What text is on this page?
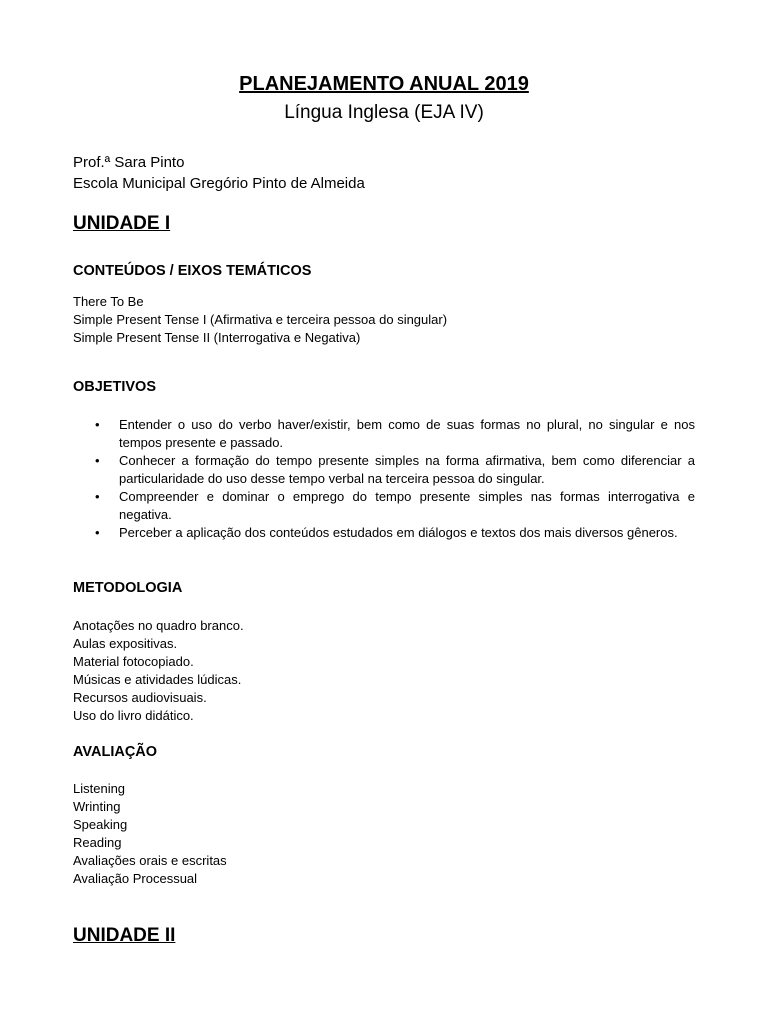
PLANEJAMENTO ANUAL 2019
Língua Inglesa (EJA IV)
Prof.ª Sara Pinto
Escola Municipal Gregório Pinto de Almeida
UNIDADE I
CONTEÚDOS / EIXOS TEMÁTICOS
There To Be
Simple Present Tense I (Afirmativa e terceira pessoa do singular)
Simple Present Tense II (Interrogativa e Negativa)
OBJETIVOS
• Entender o uso do verbo haver/existir, bem como de suas formas no plural, no singular e nos tempos presente e passado.
• Conhecer a formação do tempo presente simples na forma afirmativa, bem como diferenciar a particularidade do uso desse tempo verbal na terceira pessoa do singular.
• Compreender e dominar o emprego do tempo presente simples nas formas interrogativa e negativa.
• Perceber a aplicação dos conteúdos estudados em diálogos e textos dos mais diversos gêneros.
METODOLOGIA
Anotações no quadro branco.
Aulas expositivas.
Material fotocopiado.
Músicas e atividades lúdicas.
Recursos audiovisuais.
Uso do livro didático.
AVALIAÇÃO
Listening
Wrinting
Speaking
Reading
Avaliações orais e escritas
Avaliação Processual
UNIDADE II
